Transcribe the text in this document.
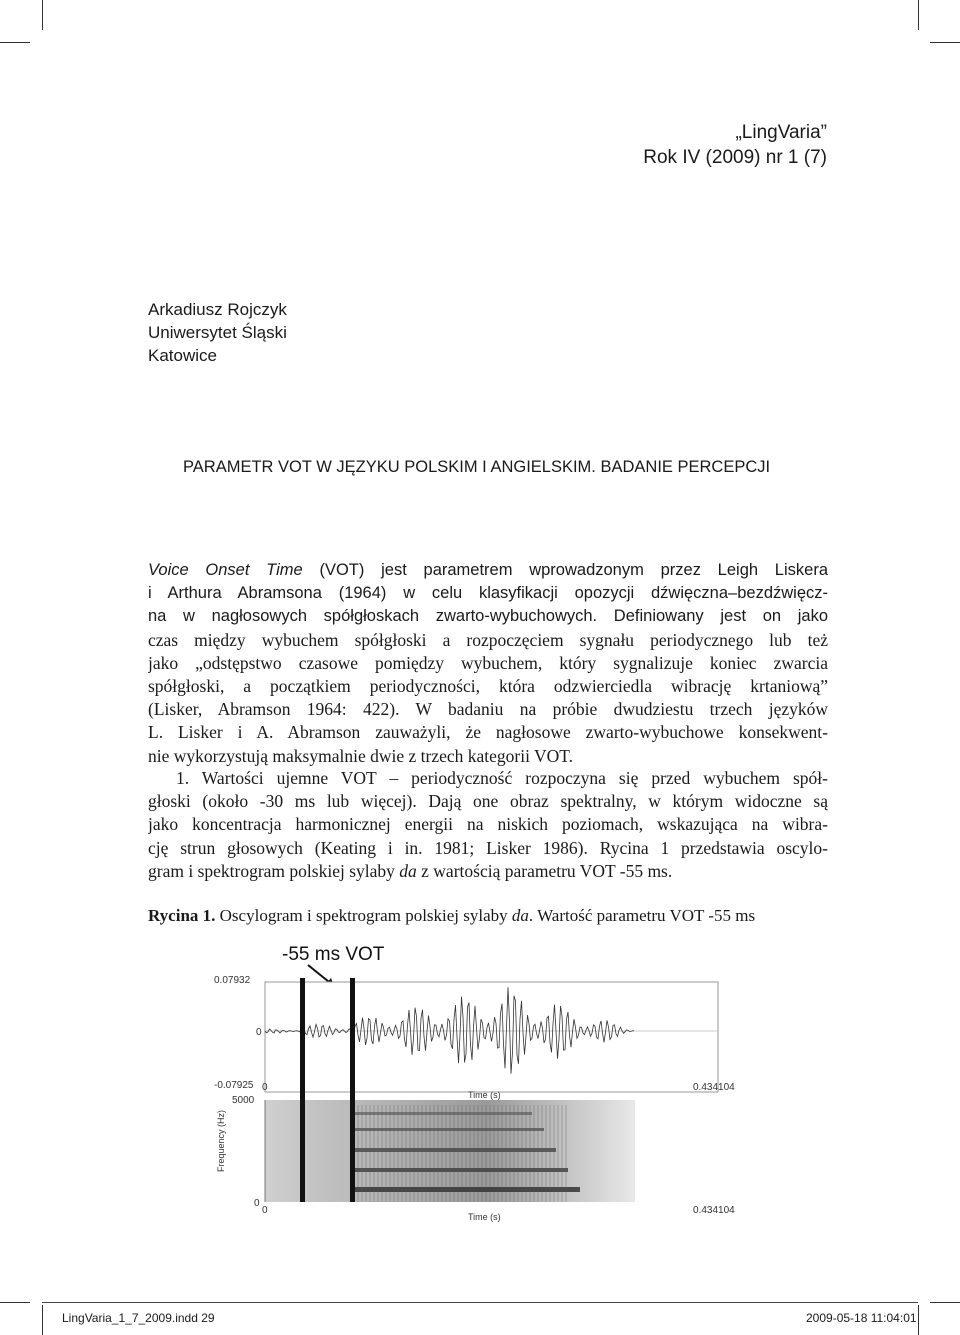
„LingVaria”
Rok IV (2009) nr 1 (7)
Arkadiusz Rojczyk
Uniwersytet Śląski
Katowice
PARAMETR VOT W JĘZYKU POLSKIM I ANGIELSKIM. BADANIE PERCEPCJI
Voice Onset Time (VOT) jest parametrem wprowadzonym przez Leigh Liskera
i Arthura Abramsona (1964) w celu klasyfikacji opozycji dźwięczna–bezdźwięcz-
na w nagłosowych spółgłoskach zwarto-wybuchowych. Definiowany jest on jako
czas między wybuchem spółgłoski a rozpoczęciem sygnału periodycznego lub też
jako „odstępstwo czasowe pomiędzy wybuchem, który sygnalizuje koniec zwarcia
spółgłoski, a początkiem periodyczności, która odzwierciedla wibrację krtaniową”
(Lisker, Abramson 1964: 422). W badaniu na próbie dwudziestu trzech języków
L. Lisker i A. Abramson zauważyli, że nagłosowe zwarto-wybuchowe konsekwent-
nie wykorzystują maksymalnie dwie z trzech kategorii VOT.
1. Wartości ujemne VOT – periodyczność rozpoczyna się przed wybuchem spół-
głoski (około -30 ms lub więcej). Dają one obraz spektralny, w którym widoczne są
jako koncentracja harmonicznej energii na niskich poziomach, wskazująca na wibra-
cję strun głosowych (Keating i in. 1981; Lisker 1986). Rycina 1 przedstawia oscylo-
gram i spektrogram polskiej sylaby da z wartością parametru VOT -55 ms.
Rycina 1. Oscylogram i spektrogram polskiej sylaby da. Wartość parametru VOT -55 ms
-55 ms VOT
0.07932
0
-0.07925 0	0.434104
Time (s)
5000
0
0	0.434104
Time (s)
Frequency (Hz)
LingVaria_1_7_2009.indd 29	2009-05-18 11:04:01
